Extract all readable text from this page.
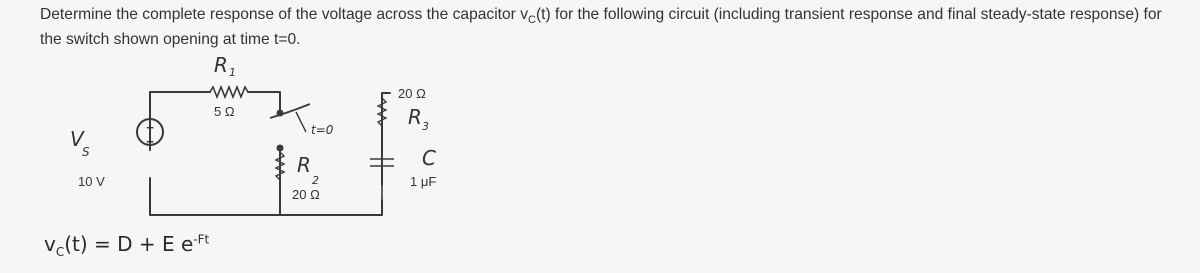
Determine the complete response of the voltage across the capacitor $v_C(t)$ for the following circuit (including transient response and final steady-state response) for the switch shown opening at time t=0.
+
−
V
S
10 V
R 1
5 Ω
t=0
R
2
20 Ω
20 Ω
R 3
C
1 μF
$v_C(t) = D + E$ $e^{-Ft}$
